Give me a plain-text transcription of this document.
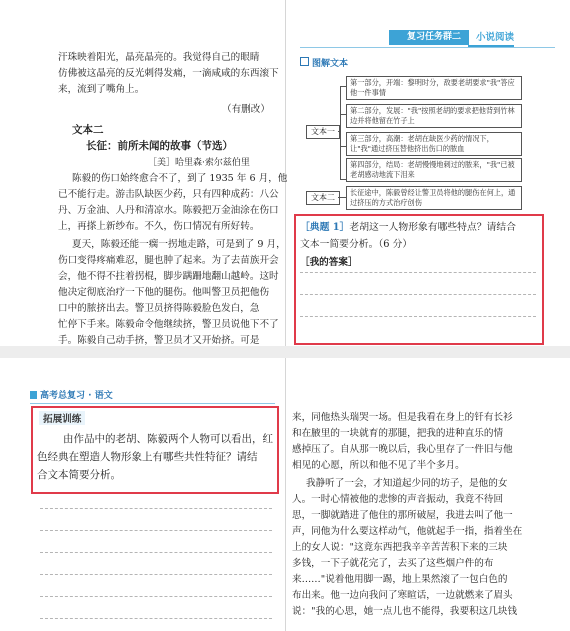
汗珠映着阳光，晶亮晶亮的。我觉得自己的眼睛
仿佛被这晶亮的反光刺得发痛，一滴咸咸的东西滚下
来，流到了嘴角上。
（有删改）
文本二
长征：前所未闻的故事（节选）
［美］哈里森·索尔兹伯里
陈毅的伤口始终愈合不了，到了 1935 年 6 月，他
已不能行走。游击队缺医少药，只有四种成药：八公
丹、万金油、人丹和清凉水。陈毅把万金油涂在伤口
上，再搽上新纱布。不久，伤口情况有所好转。
夏天，陈毅还能一瘸一拐地走路，可是到了 9 月，
伤口变得疼痛难忍，腿也肿了起来。为了去苗族开会
会，他不得不拄着拐棍，脚步蹒跚地翻山越岭。这时
他决定彻底治疗一下他的腿伤。他叫警卫员把他伤
口中的脓挤出去。警卫员挤得陈毅脸色发白，急
忙停下手来。陈毅命令他继续挤，警卫员说他下不了
手。陈毅自己动手挤，警卫员才又开始挤。可是
复习任务群二	小说阅读
图解文本
文本一
文本二
第一部分，开端：黎明时分，敌要老胡要求"我"答应他一件事情
第二部分，发展："我"按照老胡的要求把他背到竹林边并将他留在竹子上
第三部分，高潮：老胡在缺医少药的情况下，让"我"通过挤压替他挤出伤口的脓血
第四部分，结局：老胡慢慢地刺过的脓来，"我"已被老胡感动地流下泪来
长征途中，陈毅曾经让警卫员将他的腿伤在何上，通过挤压的方式治疗创伤
［典题 1］老胡这一人物形象有哪些特点？请结合
文本一简要分析。（6 分）
［我的答案］
高考总复习 · 语文
拓展训练
由作品中的老胡、陈毅两个人物可以看出，红
色经典在塑造人物形象上有哪些共性特征？请结
合文本简要分析。
来，同他热头瑞哭一场。但是我看在身上的钎有长衫
和在腋里的一块就育的那腿，把我的进种直乐的情
感掉压了。自从那一晚以后，我心里存了一件旧与他
相见的心愿，所以和他不见了半个多月。
我静听了一会，才知道起少同的坊子，是他的女
人。一时心情被他的悲惨的声音振动，我竟不待回
思，一脚就踏进了他住的那所破屋，我进去叫了他一
声，同他为什么要这样动气，他就起手一指，指着坐在
上的女人说："这竟东西把我辛辛苦苦积下来的三块
多钱，一下子就花完了，去买了这些烟户件的布
来……"说着他用脚一踢，地上果然滚了一包白色的
布出来。他一边向我问了寒暄话，一边就燃来了眉头
说："我的心思，她一点儿也不能得，我要积这几块钱
